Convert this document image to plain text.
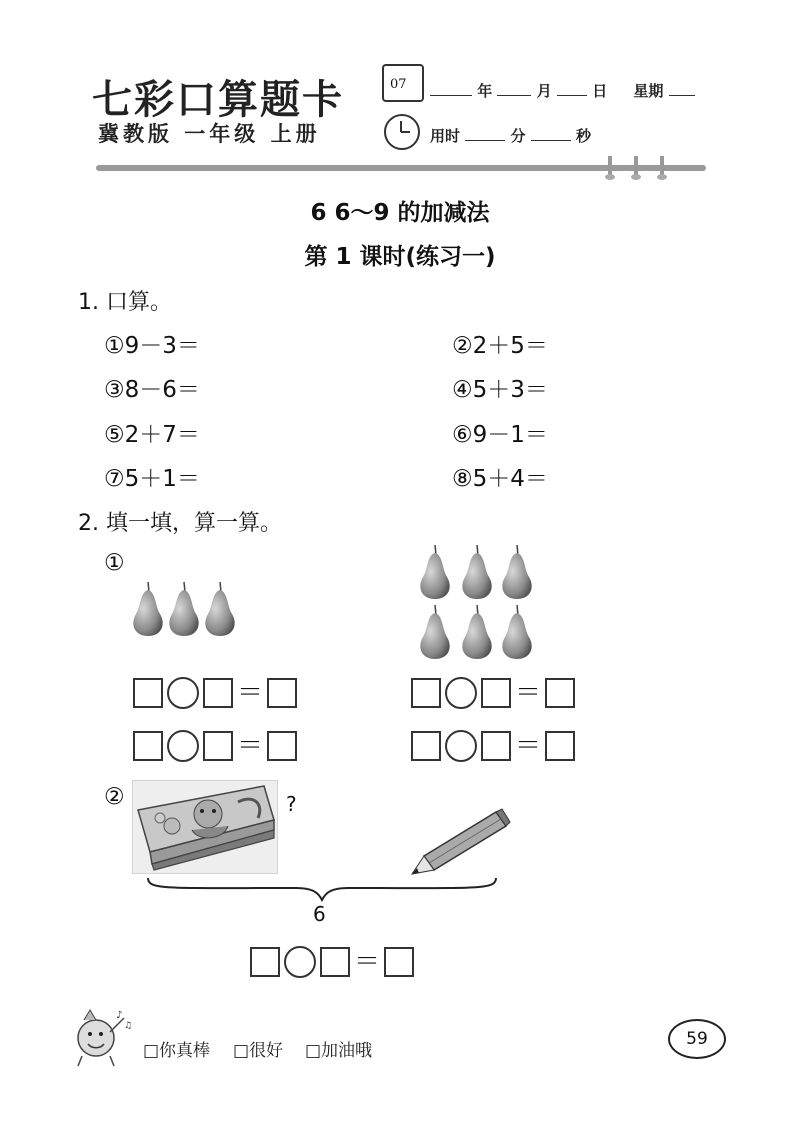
七彩口算题卡
冀教版 一年级 上册
07	年	月	日 星期
用时	分	秒
6 6～9 的加减法
第 1 课时(练习一)
1. 口算。
①9－3＝	②2＋5＝
③8－6＝	④5＋3＝
⑤2＋7＝	⑥9－1＝
⑦5＋1＝	⑧5＋4＝
2. 填一填，算一算。
①
＝	＝
＝	＝
②	?
6
＝
♪
♫
□你真棒 □很好 □加油哦
59
